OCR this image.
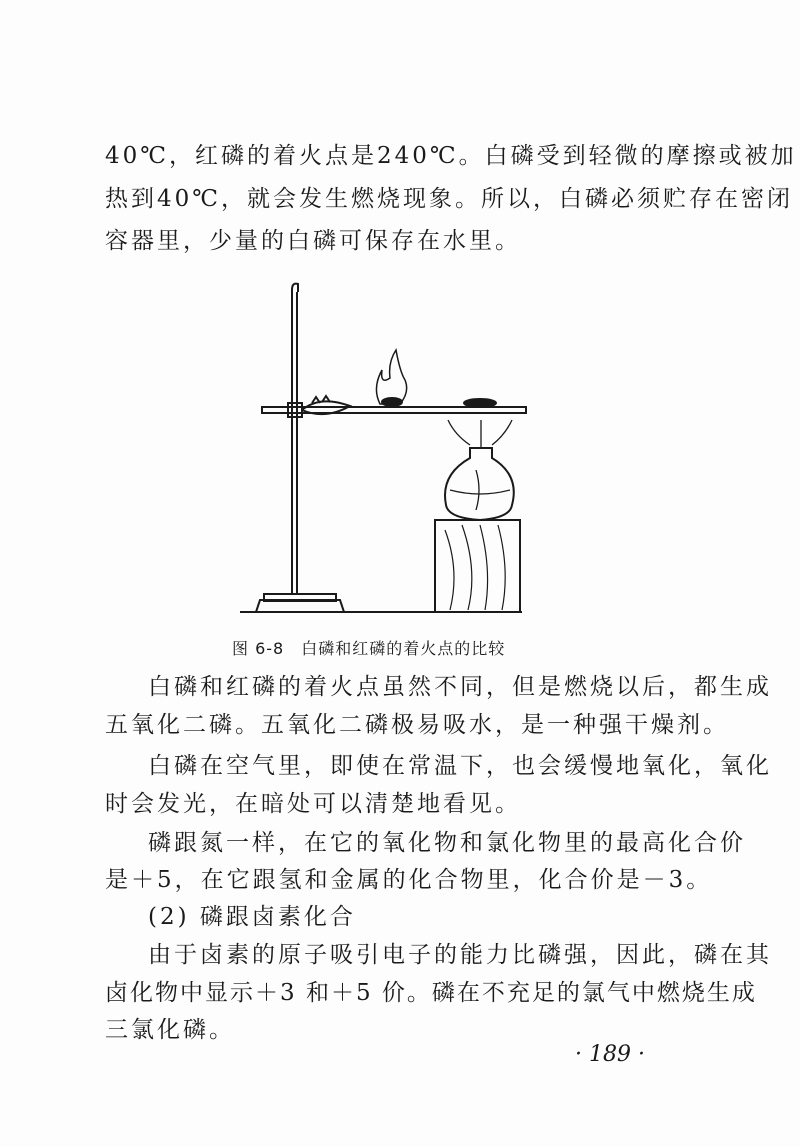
40℃，红磷的着火点是240℃。白磷受到轻微的摩擦或被加
热到40℃，就会发生燃烧现象。所以，白磷必须贮存在密闭
容器里，少量的白磷可保存在水里。
图 6-8　白磷和红磷的着火点的比较
白磷和红磷的着火点虽然不同，但是燃烧以后，都生成
五氧化二磷。五氧化二磷极易吸水，是一种强干燥剂。
白磷在空气里，即使在常温下，也会缓慢地氧化，氧化
时会发光，在暗处可以清楚地看见。
磷跟氮一样，在它的氧化物和氯化物里的最高化合价
是＋5，在它跟氢和金属的化合物里，化合价是－3。
(2) 磷跟卤素化合
由于卤素的原子吸引电子的能力比磷强，因此，磷在其
卤化物中显示＋3 和＋5 价。磷在不充足的氯气中燃烧生成
三氯化磷。
· 189 ·
